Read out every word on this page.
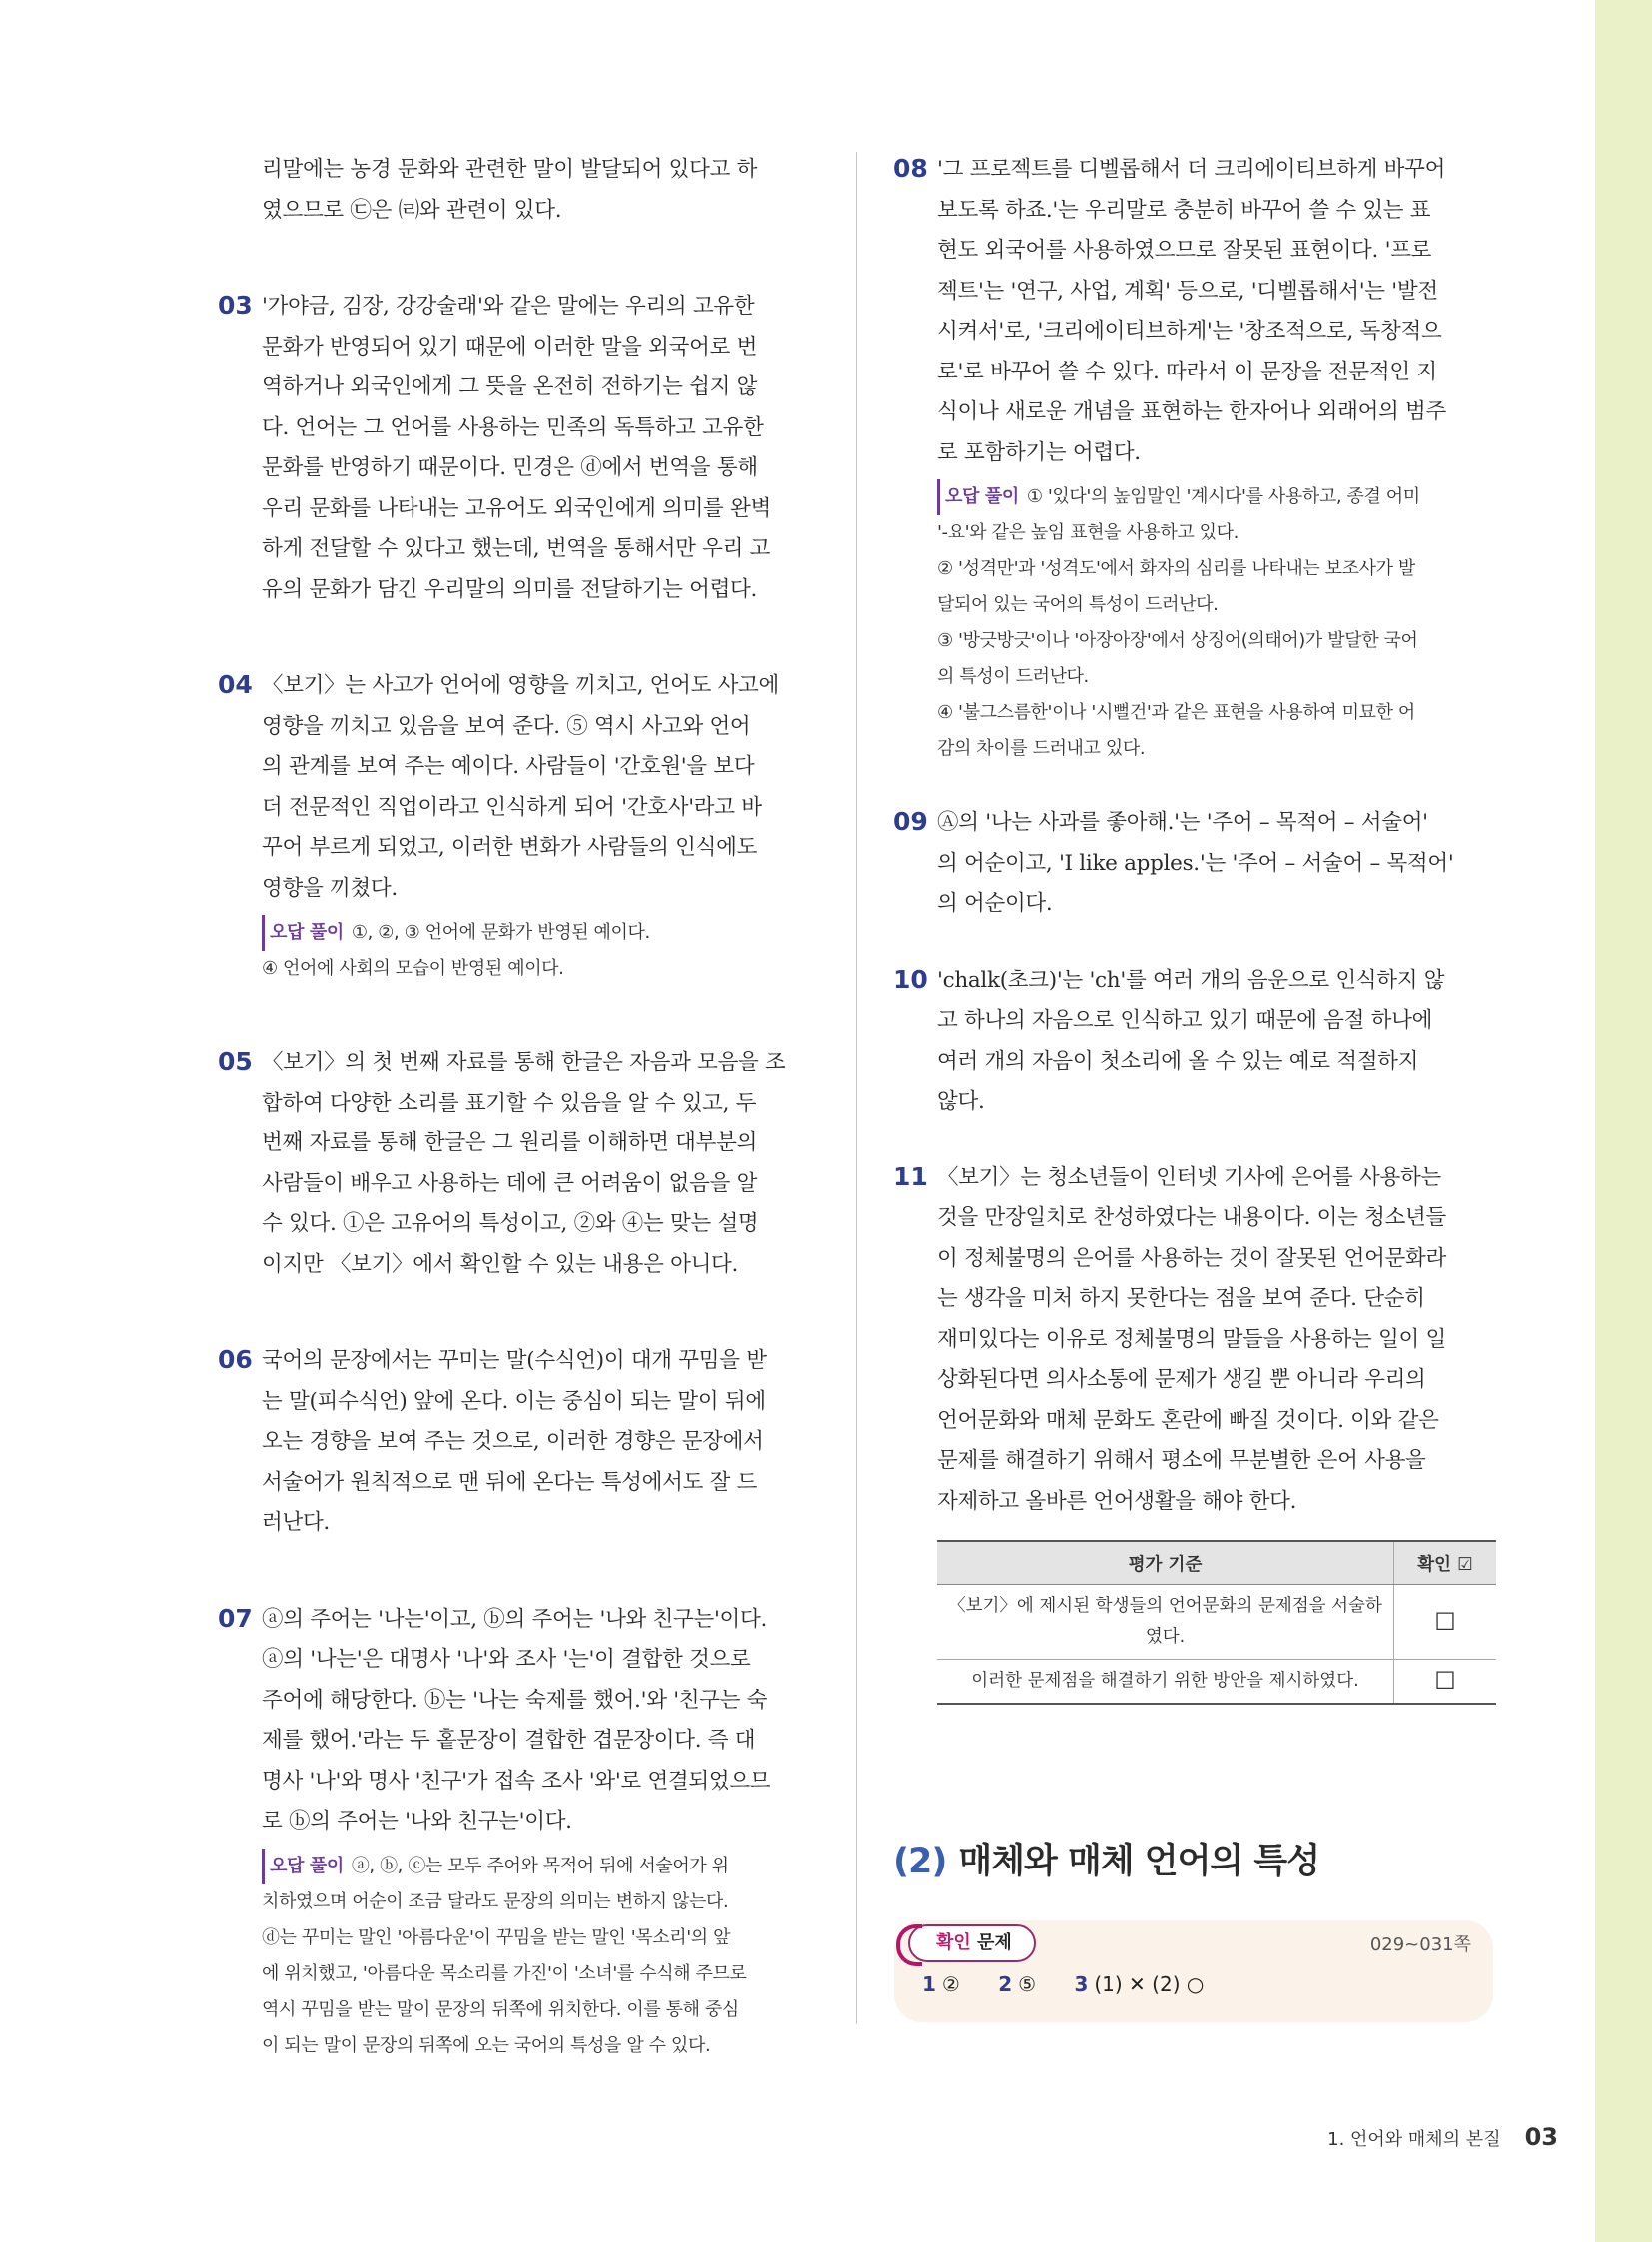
리말에는 농경 문화와 관련한 말이 발달되어 있다고 하
였으므로 ㉢은 ㈃와 관련이 있다.
03 '가야금, 김장, 강강술래'와 같은 말에는 우리의 고유한
문화가 반영되어 있기 때문에 이러한 말을 외국어로 번
역하거나 외국인에게 그 뜻을 온전히 전하기는 쉽지 않
다. 언어는 그 언어를 사용하는 민족의 독특하고 고유한
문화를 반영하기 때문이다. 민경은 ⓓ에서 번역을 통해
우리 문화를 나타내는 고유어도 외국인에게 의미를 완벽
하게 전달할 수 있다고 했는데, 번역을 통해서만 우리 고
유의 문화가 담긴 우리말의 의미를 전달하기는 어렵다.
04 〈보기〉는 사고가 언어에 영향을 끼치고, 언어도 사고에
영향을 끼치고 있음을 보여 준다. ⑤ 역시 사고와 언어
의 관계를 보여 주는 예이다. 사람들이 '간호원'을 보다
더 전문적인 직업이라고 인식하게 되어 '간호사'라고 바
꾸어 부르게 되었고, 이러한 변화가 사람들의 인식에도
영향을 끼쳤다.
오답 풀이 ①, ②, ③ 언어에 문화가 반영된 예이다.
④ 언어에 사회의 모습이 반영된 예이다.
05 〈보기〉의 첫 번째 자료를 통해 한글은 자음과 모음을 조
합하여 다양한 소리를 표기할 수 있음을 알 수 있고, 두
번째 자료를 통해 한글은 그 원리를 이해하면 대부분의
사람들이 배우고 사용하는 데에 큰 어려움이 없음을 알
수 있다. ①은 고유어의 특성이고, ②와 ④는 맞는 설명
이지만 〈보기〉에서 확인할 수 있는 내용은 아니다.
06 국어의 문장에서는 꾸미는 말(수식언)이 대개 꾸밈을 받
는 말(피수식언) 앞에 온다. 이는 중심이 되는 말이 뒤에
오는 경향을 보여 주는 것으로, 이러한 경향은 문장에서
서술어가 원칙적으로 맨 뒤에 온다는 특성에서도 잘 드
러난다.
07 ⓐ의 주어는 '나는'이고, ⓑ의 주어는 '나와 친구는'이다.
ⓐ의 '나는'은 대명사 '나'와 조사 '는'이 결합한 것으로
주어에 해당한다. ⓑ는 '나는 숙제를 했어.'와 '친구는 숙
제를 했어.'라는 두 홑문장이 결합한 겹문장이다. 즉 대
명사 '나'와 명사 '친구'가 접속 조사 '와'로 연결되었으므
로 ⓑ의 주어는 '나와 친구는'이다.
오답 풀이 ⓐ, ⓑ, ⓒ는 모두 주어와 목적어 뒤에 서술어가 위
치하였으며 어순이 조금 달라도 문장의 의미는 변하지 않는다.
ⓓ는 꾸미는 말인 '아름다운'이 꾸밈을 받는 말인 '목소리'의 앞
에 위치했고, '아름다운 목소리를 가진'이 '소녀'를 수식해 주므로
역시 꾸밈을 받는 말이 문장의 뒤쪽에 위치한다. 이를 통해 중심
이 되는 말이 문장의 뒤쪽에 오는 국어의 특성을 알 수 있다.
08 '그 프로젝트를 디벨롭해서 더 크리에이티브하게 바꾸어
보도록 하죠.'는 우리말로 충분히 바꾸어 쓸 수 있는 표
현도 외국어를 사용하였으므로 잘못된 표현이다. '프로
젝트'는 '연구, 사업, 계획' 등으로, '디벨롭해서'는 '발전
시켜서'로, '크리에이티브하게'는 '창조적으로, 독창적으
로'로 바꾸어 쓸 수 있다. 따라서 이 문장을 전문적인 지
식이나 새로운 개념을 표현하는 한자어나 외래어의 범주
로 포함하기는 어렵다.
오답 풀이 ① '있다'의 높임말인 '계시다'를 사용하고, 종결 어미
'-요'와 같은 높임 표현을 사용하고 있다.
② '성격만'과 '성격도'에서 화자의 심리를 나타내는 보조사가 발
달되어 있는 국어의 특성이 드러난다.
③ '방긋방긋'이나 '아장아장'에서 상징어(의태어)가 발달한 국어
의 특성이 드러난다.
④ '불그스름한'이나 '시뻘건'과 같은 표현을 사용하여 미묘한 어
감의 차이를 드러내고 있다.
09 Ⓐ의 '나는 사과를 좋아해.'는 '주어 – 목적어 – 서술어'
의 어순이고, 'I like apples.'는 '주어 – 서술어 – 목적어'
의 어순이다.
10 'chalk(초크)'는 'ch'를 여러 개의 음운으로 인식하지 않
고 하나의 자음으로 인식하고 있기 때문에 음절 하나에
여러 개의 자음이 첫소리에 올 수 있는 예로 적절하지
않다.
11 〈보기〉는 청소년들이 인터넷 기사에 은어를 사용하는
것을 만장일치로 찬성하였다는 내용이다. 이는 청소년들
이 정체불명의 은어를 사용하는 것이 잘못된 언어문화라
는 생각을 미처 하지 못한다는 점을 보여 준다. 단순히
재미있다는 이유로 정체불명의 말들을 사용하는 일이 일
상화된다면 의사소통에 문제가 생길 뿐 아니라 우리의
언어문화와 매체 문화도 혼란에 빠질 것이다. 이와 같은
문제를 해결하기 위해서 평소에 무분별한 은어 사용을
자제하고 올바른 언어생활을 해야 한다.
평가 기준	확인 ☑
〈보기〉에 제시된 학생들의 언어문화의 문제점을 서술하였다.	☐
이러한 문제점을 해결하기 위한 방안을 제시하였다.	☐
(2) 매체와 매체 언어의 특성
확인 문제	029~031쪽
1 ② 2 ⑤ 3 (1) ✕ (2) ○
1. 언어와 매체의 본질 03
